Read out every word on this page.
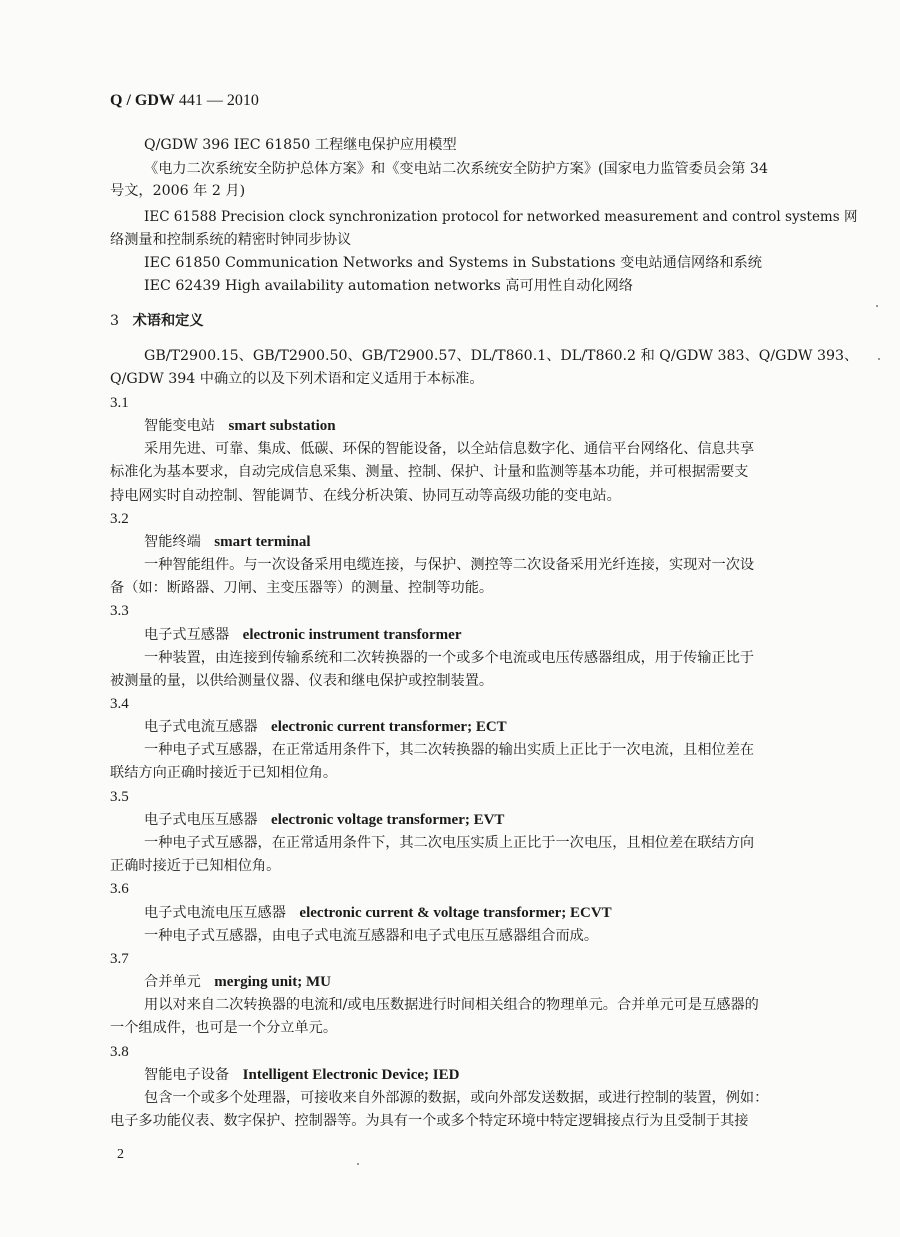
Q / GDW 441 — 2010
Q/GDW 396 IEC 61850 工程继电保护应用模型
《电力二次系统安全防护总体方案》和《变电站二次系统安全防护方案》(国家电力监管委员会第 34
号文，2006 年 2 月)
IEC 61588 Precision clock synchronization protocol for networked measurement and control systems 网
络测量和控制系统的精密时钟同步协议
IEC 61850 Communication Networks and Systems in Substations 变电站通信网络和系统
IEC 62439 High availability automation networks 高可用性自动化网络
3 术语和定义
GB/T2900.15、GB/T2900.50、GB/T2900.57、DL/T860.1、DL/T860.2 和 Q/GDW 383、Q/GDW 393、
Q/GDW 394 中确立的以及下列术语和定义适用于本标准。
3.1
智能变电站 smart substation
采用先进、可靠、集成、低碳、环保的智能设备，以全站信息数字化、通信平台网络化、信息共享
标准化为基本要求，自动完成信息采集、测量、控制、保护、计量和监测等基本功能，并可根据需要支
持电网实时自动控制、智能调节、在线分析决策、协同互动等高级功能的变电站。
3.2
智能终端 smart terminal
一种智能组件。与一次设备采用电缆连接，与保护、测控等二次设备采用光纤连接，实现对一次设
备（如：断路器、刀闸、主变压器等）的测量、控制等功能。
3.3
电子式互感器 electronic instrument transformer
一种装置，由连接到传输系统和二次转换器的一个或多个电流或电压传感器组成，用于传输正比于
被测量的量，以供给测量仪器、仪表和继电保护或控制装置。
3.4
电子式电流互感器 electronic current transformer; ECT
一种电子式互感器，在正常适用条件下，其二次转换器的输出实质上正比于一次电流，且相位差在
联结方向正确时接近于已知相位角。
3.5
电子式电压互感器 electronic voltage transformer; EVT
一种电子式互感器，在正常适用条件下，其二次电压实质上正比于一次电压，且相位差在联结方向
正确时接近于已知相位角。
3.6
电子式电流电压互感器 electronic current & voltage transformer; ECVT
一种电子式互感器，由电子式电流互感器和电子式电压互感器组合而成。
3.7
合并单元 merging unit; MU
用以对来自二次转换器的电流和/或电压数据进行时间相关组合的物理单元。合并单元可是互感器的
一个组成件，也可是一个分立单元。
3.8
智能电子设备 Intelligent Electronic Device; IED
包含一个或多个处理器，可接收来自外部源的数据，或向外部发送数据，或进行控制的装置，例如：
电子多功能仪表、数字保护、控制器等。为具有一个或多个特定环境中特定逻辑接点行为且受制于其接
2
